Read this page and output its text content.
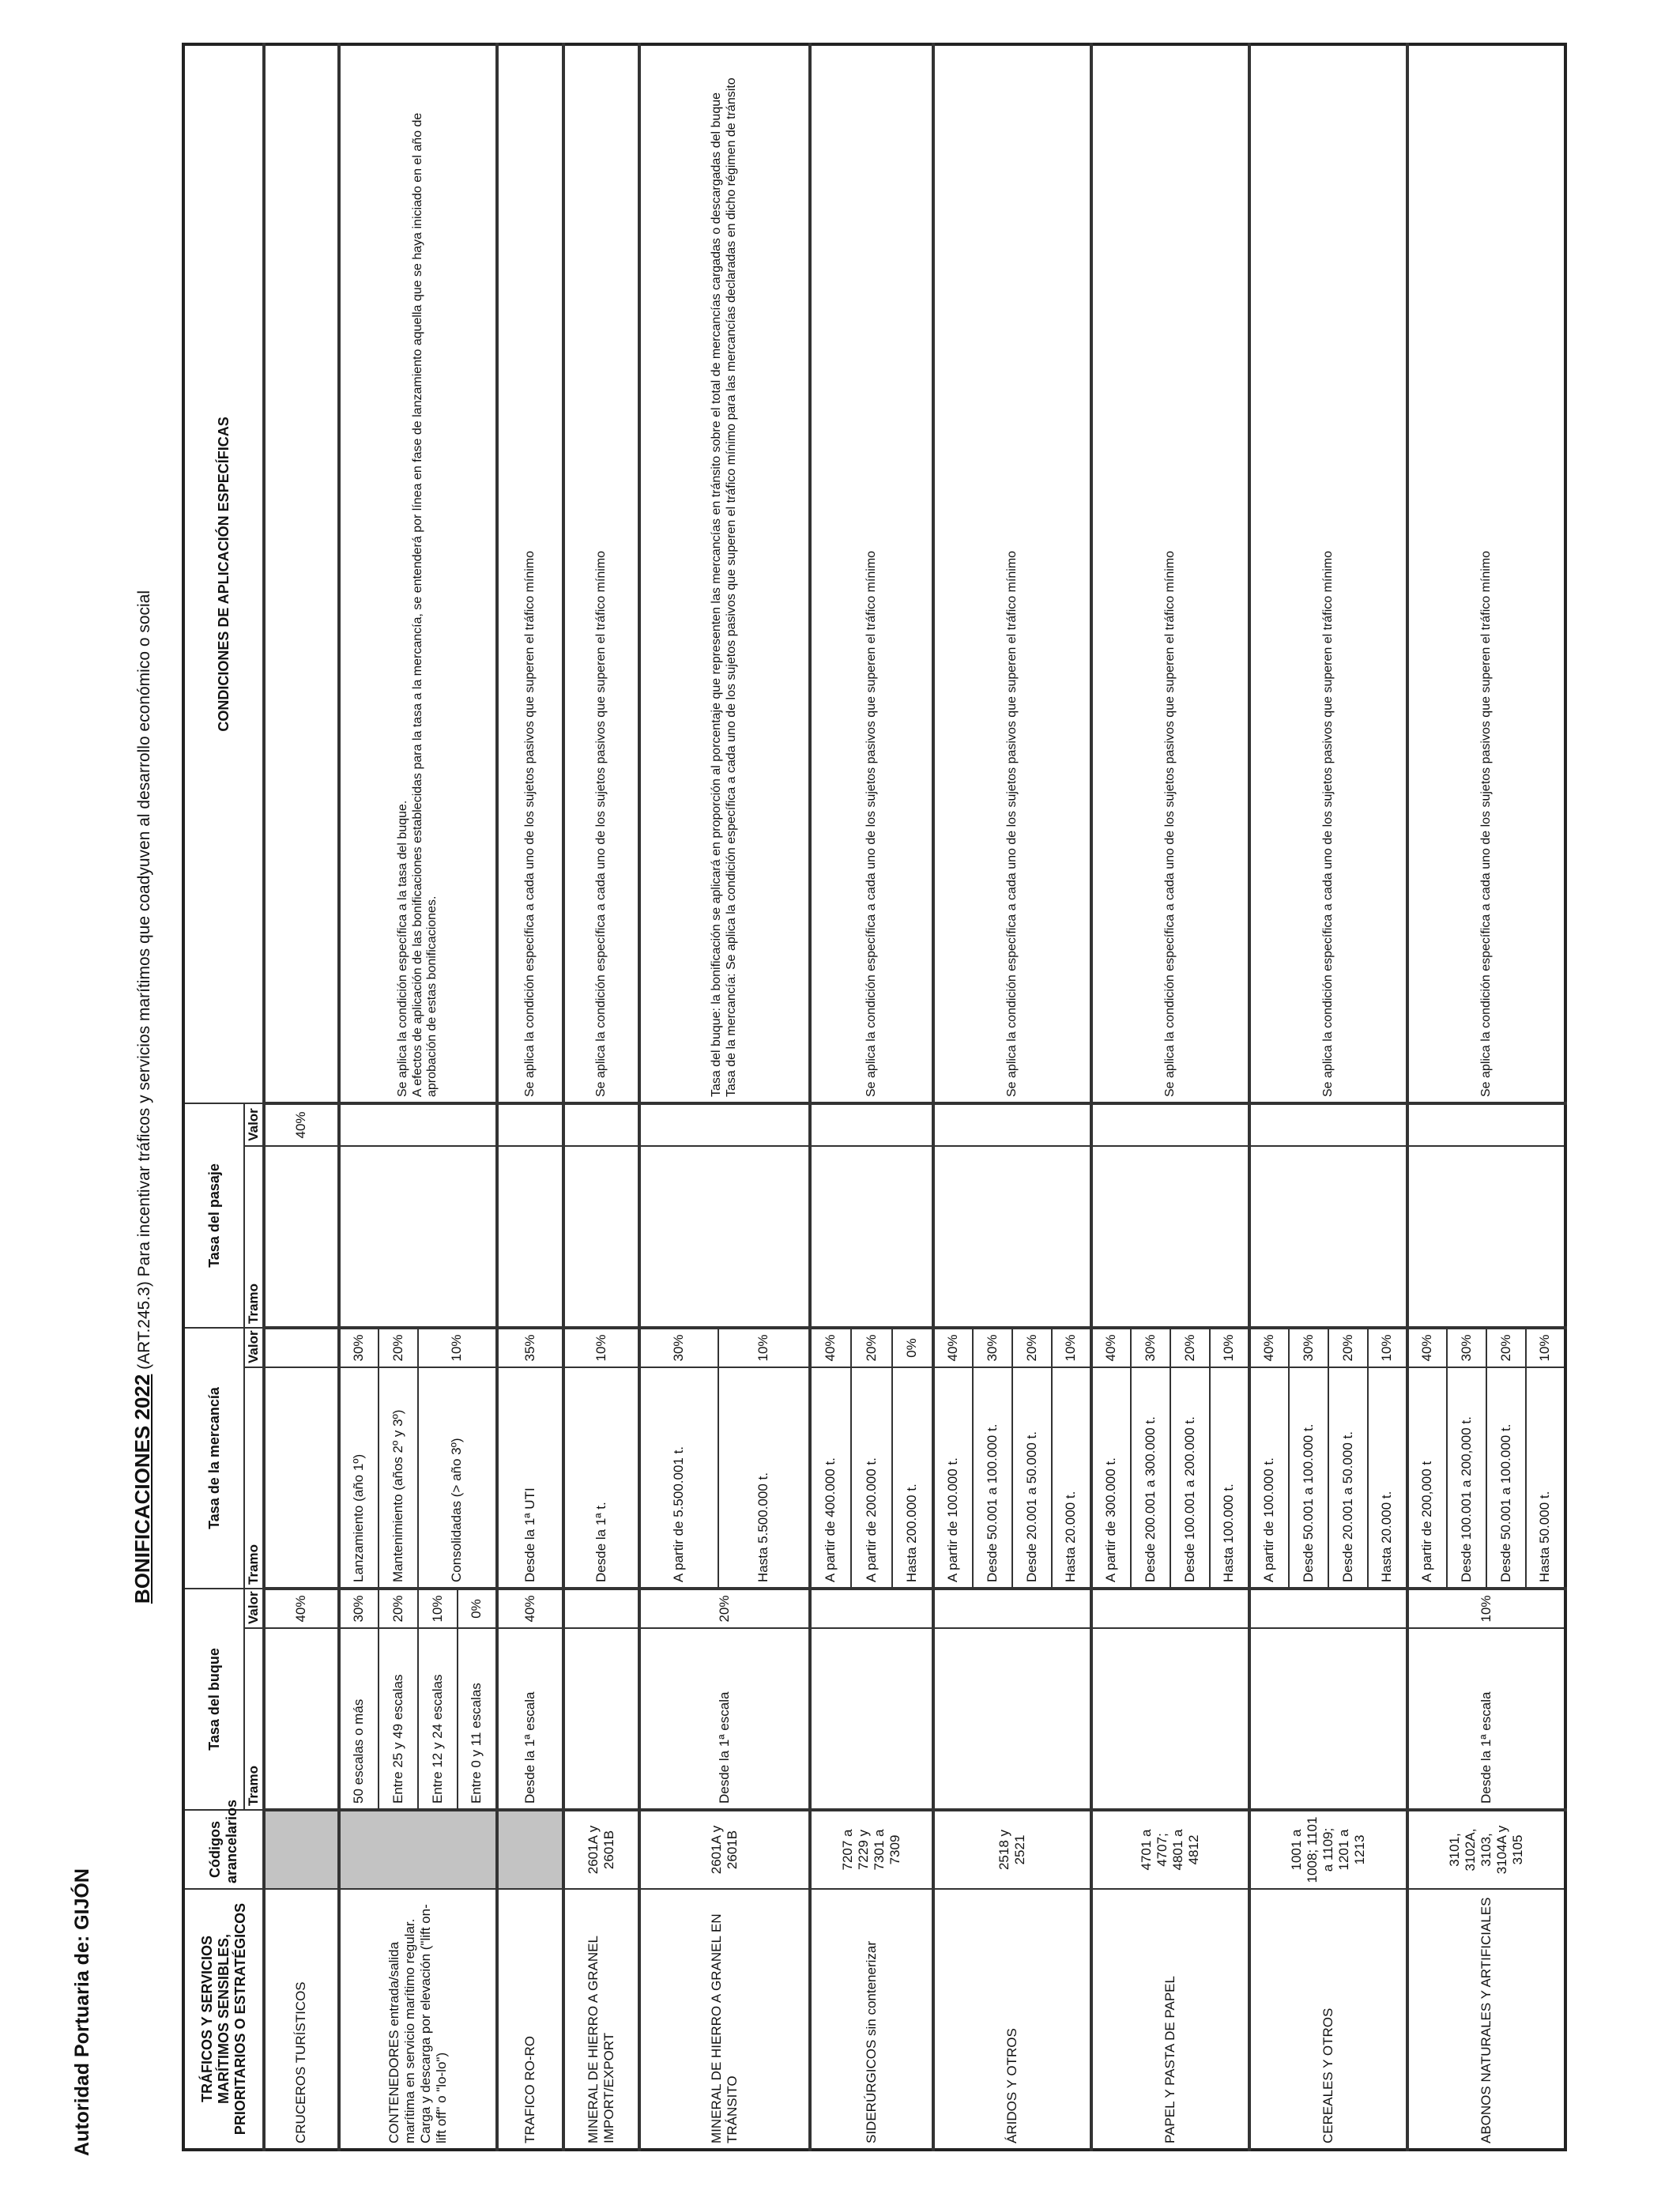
Autoridad Portuaria de: GIJÓN
BONIFICACIONES 2022 (ART.245.3) Para incentivar tráficos y servicios marítimos que coadyuven al desarrollo económico o social
TRÁFICOS Y SERVICIOS MARÍTIMOS SENSIBLES, PRIORITARIOS O ESTRATÉGICOS	Códigos arancelarios	Tasa del buque		Tasa de la mercancía		Tasa del pasaje		CONDICIONES DE APLICACIÓN ESPECÍFICAS
		Tramo	Valor	Tramo	Valor	Tramo	Valor	
CRUCEROS TURÍSTICOS			40%				40%	
CONTENEDORES entrada/salida marítima en servicio marítimo regular. Carga y descarga por elevación ("lift on-lift off" o "lo-lo")		50 escalas o más	30%	Lanzamiento (año 1º)	30%			Se aplica la condición específica a la tasa del buque. A efectos de aplicación de las bonificaciones establecidas para la tasa a la mercancía, se entenderá por línea en fase de lanzamiento aquella que se haya iniciado en el año de aprobación de estas bonificaciones.
		Entre 25 y 49 escalas	20%	Mantenimiento (años 2º y 3º)	20%			
		Entre 12 y 24 escalas	10%	Consolidadas (> año 3º)	10%			
		Entre 0 y 11 escalas	0%					
TRAFICO RO-RO		Desde la 1ª escala	40%	Desde la 1ª UTI	35%			Se aplica la condición específica a cada uno de los sujetos pasivos que superen el tráfico mínimo
MINERAL DE HIERRO A GRANEL IMPORT/EXPORT	2601A y 2601B			Desde la 1ª t.	10%			Se aplica la condición específica a cada uno de los sujetos pasivos que superen el tráfico mínimo
MINERAL DE HIERRO A GRANEL EN TRÁNSITO	2601A y 2601B	Desde la 1ª escala	20%	A partir de 5.500.001 t.	30%			Tasa del buque: la bonificación se aplicará en proporción al porcentaje que representen las mercancías en tránsito sobre el total de mercancías cargadas o descargadas del buque Tasa de la mercancía: Se aplica la condición específica a cada uno de los sujetos pasivos que superen el tráfico mínimo para las mercancías declaradas en dicho régimen de tránsito
				Hasta 5.500.000 t.	10%			
SIDERÚRGICOS sin contenerizar	7207 a 7229 y 7301 a 7309			A partir de 400.000 t.	40%			Se aplica la condición específica a cada uno de los sujetos pasivos que superen el tráfico mínimo
				A partir de 200.000 t.	20%			
				Hasta 200.000 t.	0%			
ÁRIDOS Y OTROS	2518 y 2521			A partir de 100.000 t.	40%			Se aplica la condición específica a cada uno de los sujetos pasivos que superen el tráfico mínimo
				Desde 50.001 a 100.000 t.	30%			
				Desde 20.001 a 50.000 t.	20%			
				Hasta 20.000 t.	10%			
PAPEL Y PASTA DE PAPEL	4701 a 4707; 4801 a 4812			A partir de 300.000 t.	40%			Se aplica la condición específica a cada uno de los sujetos pasivos que superen el tráfico mínimo
				Desde 200.001 a 300.000 t.	30%			
				Desde 100.001 a 200.000 t.	20%			
				Hasta 100.000 t.	10%			
CEREALES Y OTROS	1001 a 1008; 1101 a 1109; 1201 a 1213			A partir de 100.000 t.	40%			Se aplica la condición específica a cada uno de los sujetos pasivos que superen el tráfico mínimo
				Desde 50.001 a 100.000 t.	30%			
				Desde 20.001 a 50.000 t.	20%			
				Hasta 20.000 t.	10%			
ABONOS NATURALES Y ARTIFICIALES	3101, 3102A, 3103, 3104A y 3105	Desde la 1ª escala	10%	A partir de 200,000 t	40%			Se aplica la condición específica a cada uno de los sujetos pasivos que superen el tráfico mínimo
				Desde 100.001 a 200,000 t.	30%			
				Desde 50.001 a 100.000 t.	20%			
				Hasta 50.000 t.	10%			
